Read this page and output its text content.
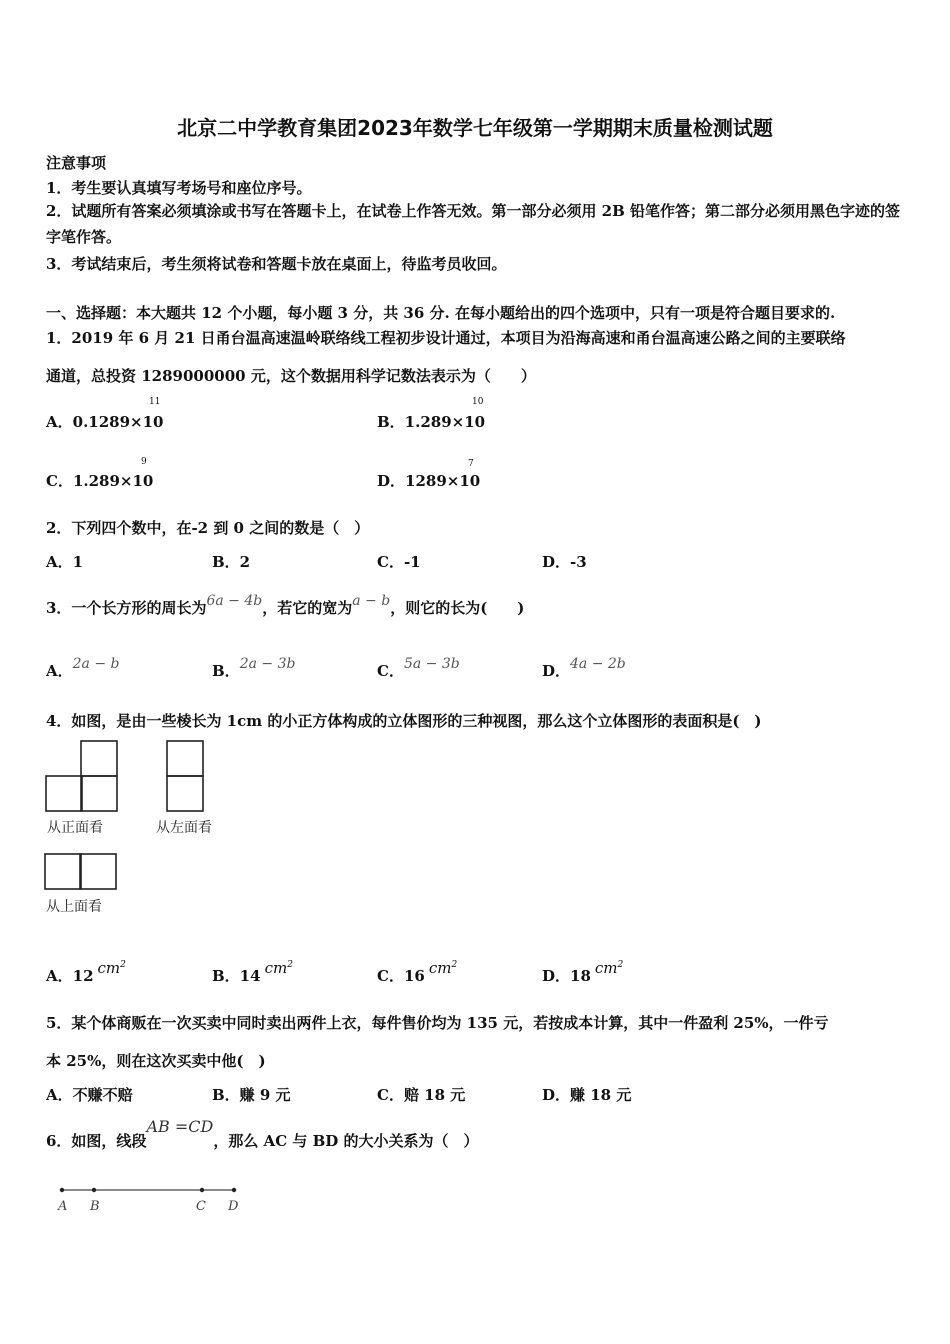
北京二中学教育集团2023年数学七年级第一学期期末质量检测试题
注意事项
1．考生要认真填写考场号和座位序号。
2．试题所有答案必须填涂或书写在答题卡上，在试卷上作答无效。第一部分必须用 2B 铅笔作答；第二部分必须用黑色字迹的签字笔作答。
3．考试结束后，考生须将试卷和答题卡放在桌面上，待监考员收回。
一、选择题：本大题共 12 个小题，每小题 3 分，共 36 分. 在每小题给出的四个选项中，只有一项是符合题目要求的.
1．2019 年 6 月 21 日甬台温高速温岭联络线工程初步设计通过，本项目为沿海高速和甬台温高速公路之间的主要联络
通道，总投资 1289000000 元，这个数据用科学记数法表示为（　　）
A．0.1289×10
11
B．1.289×10
10
C．1.289×10
9
D．1289×10
7
2．下列四个数中，在-2 到 0 之间的数是（　）
A．1	B．2	C．-1	D．-3
3．一个长方形的周长为6a − 4b，若它的宽为a − b，则它的长为(　　)
A．2a − b	B．2a − 3b	C．5a − 3b	D．4a − 2b
4．如图，是由一些棱长为 1cm 的小正方体构成的立体图形的三种视图，那么这个立体图形的表面积是(　)
从正面看	从左面看
从上面看
A．12 $cm^2$
B．14 $cm^2$
C．16 $cm^2$
D．18 $cm^2$
5．某个体商贩在一次买卖中同时卖出两件上衣，每件售价均为 135 元，若按成本计算，其中一件盈利 25%，一件亏
本 25%，则在这次买卖中他(　)
A．不赚不赔	B．赚 9 元	C．赔 18 元	D．赚 18 元
6．如图，线段AB =CD，那么 AC 与 BD 的大小关系为（　）
A B	C D
